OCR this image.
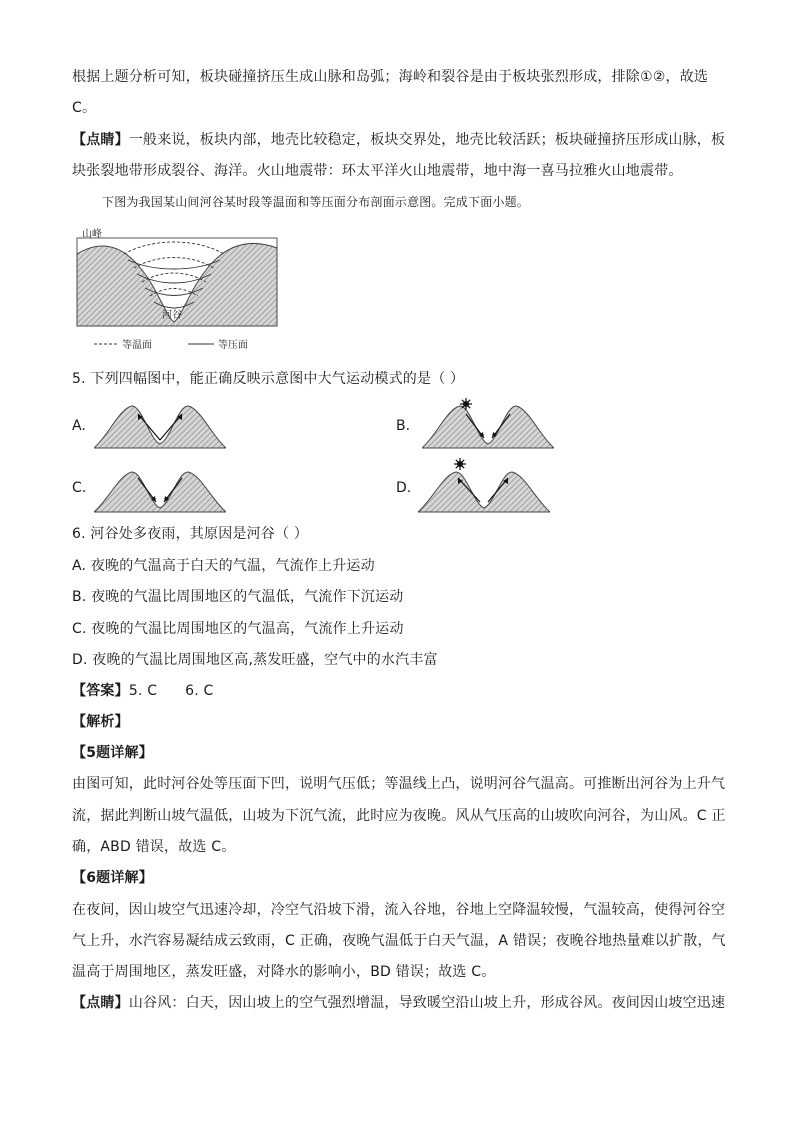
根据上题分析可知，板块碰撞挤压生成山脉和岛弧；海岭和裂谷是由于板块张烈形成，排除①②，故选
C。
【点睛】一般来说，板块内部，地壳比较稳定，板块交界处，地壳比较活跃；板块碰撞挤压形成山脉，板
块张裂地带形成裂谷、海洋。火山地震带：环太平洋火山地震带，地中海一喜马拉雅火山地震带。
下图为我国某山间河谷某时段等温面和等压面分布剖面示意图。完成下面小题。
山峰
河谷
等温面	等压面
5. 下列四幅图中，能正确反映示意图中大气运动模式的是（ ）
A.	B.
C.	D.
6. 河谷处多夜雨，其原因是河谷（ ）
A. 夜晚的气温高于白天的气温，气流作上升运动
B. 夜晚的气温比周围地区的气温低，气流作下沉运动
C. 夜晚的气温比周围地区的气温高，气流作上升运动
D. 夜晚的气温比周围地区高,蒸发旺盛，空气中的水汽丰富
【答案】5. C      6. C
【解析】
【5题详解】
由图可知，此时河谷处等压面下凹，说明气压低；等温线上凸，说明河谷气温高。可推断出河谷为上升气
流，据此判断山坡气温低，山坡为下沉气流，此时应为夜晚。风从气压高的山坡吹向河谷，为山风。C 正
确，ABD 错误，故选 C。
【6题详解】
在夜间，因山坡空气迅速冷却，冷空气沿坡下滑，流入谷地，谷地上空降温较慢，气温较高，使得河谷空
气上升，水汽容易凝结成云致雨，C 正确，夜晚气温低于白天气温，A 错误；夜晚谷地热量难以扩散，气
温高于周围地区，蒸发旺盛，对降水的影响小，BD 错误；故选 C。
【点睛】山谷风：白天，因山坡上的空气强烈增温，导致暖空沿山坡上升，形成谷风。夜间因山坡空迅速
